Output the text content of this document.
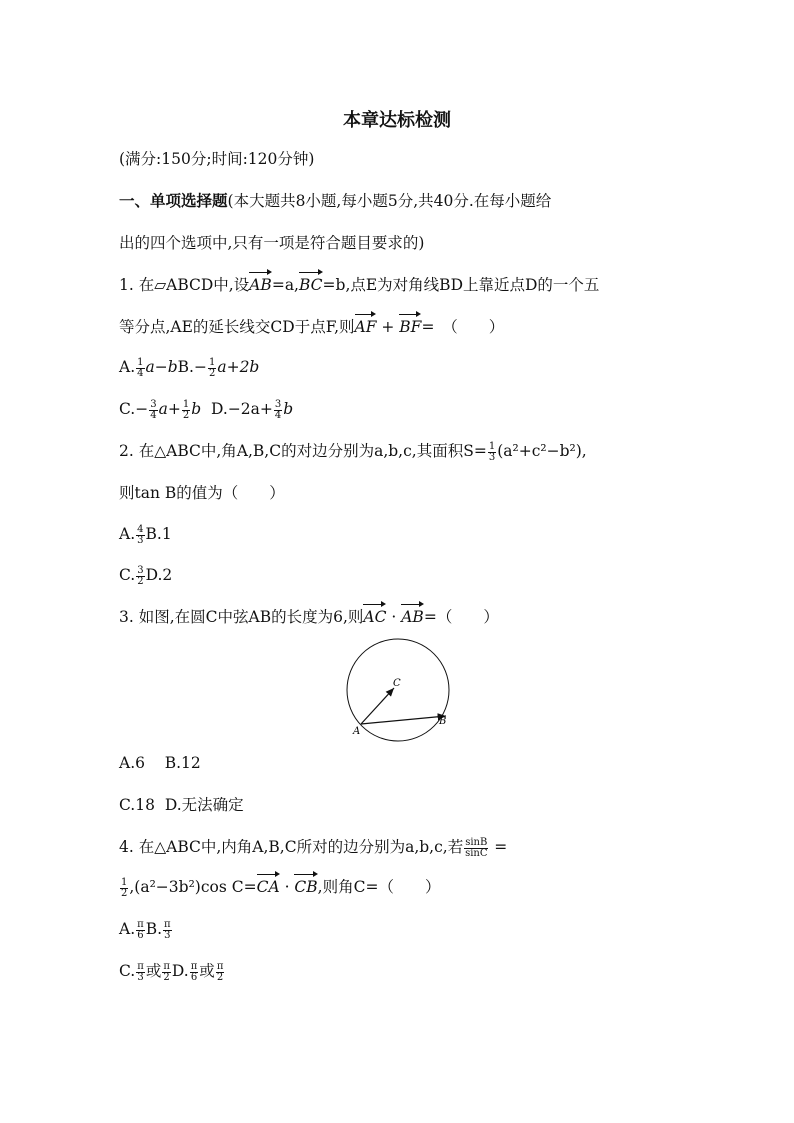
本章达标检测
(满分:150分;时间:120分钟)
一、单项选择题(本大题共8小题,每小题5分,共40分.在每小题给
出的四个选项中,只有一项是符合题目要求的)
1. 在▱ABCD中,设AB=a,BC=b,点E为对角线BD上靠近点D的一个五
等分点,AE的延长线交CD于点F,则AF + BF=　（　　）
A. $\frac{1}{4} a-bB.- \frac{1}{2} a+2b$
$C.- \frac{3}{4} a+ \frac{1}{2}$ b $D.-2a+ \frac{3}{4}$ b
2. 在△ABC中,角A,B,C的对边分别为a,b,c,其面积$S= \frac{1}{3} (a^2+c^2-b^2)$,
则tan B的值为（　　）
A. $\frac{4}{3} B.1$
C. $\frac{3}{2} D.2$
3. 如图,在圆C中弦AB的长度为6,则AC · AB=（　　）
C
A
B
A.6 B.12
C.18 D.无法确定
4. 在△ABC中,内角A,B,C所对的边分别为a,b,c,若 $\frac{\sin B}{\sin C}$ =
$\frac{1}{2} ,(a^2-3b^2)\cos$ C=CA · CB,则角C=（　　）
A. $\frac{\pi}{6} B$. $\frac{\pi}{3}$
C. $\frac{\pi}{3}$ 或 $\frac{\pi}{2} D$. $\frac{\pi}{6}$ 或 $\frac{\pi}{2}$
